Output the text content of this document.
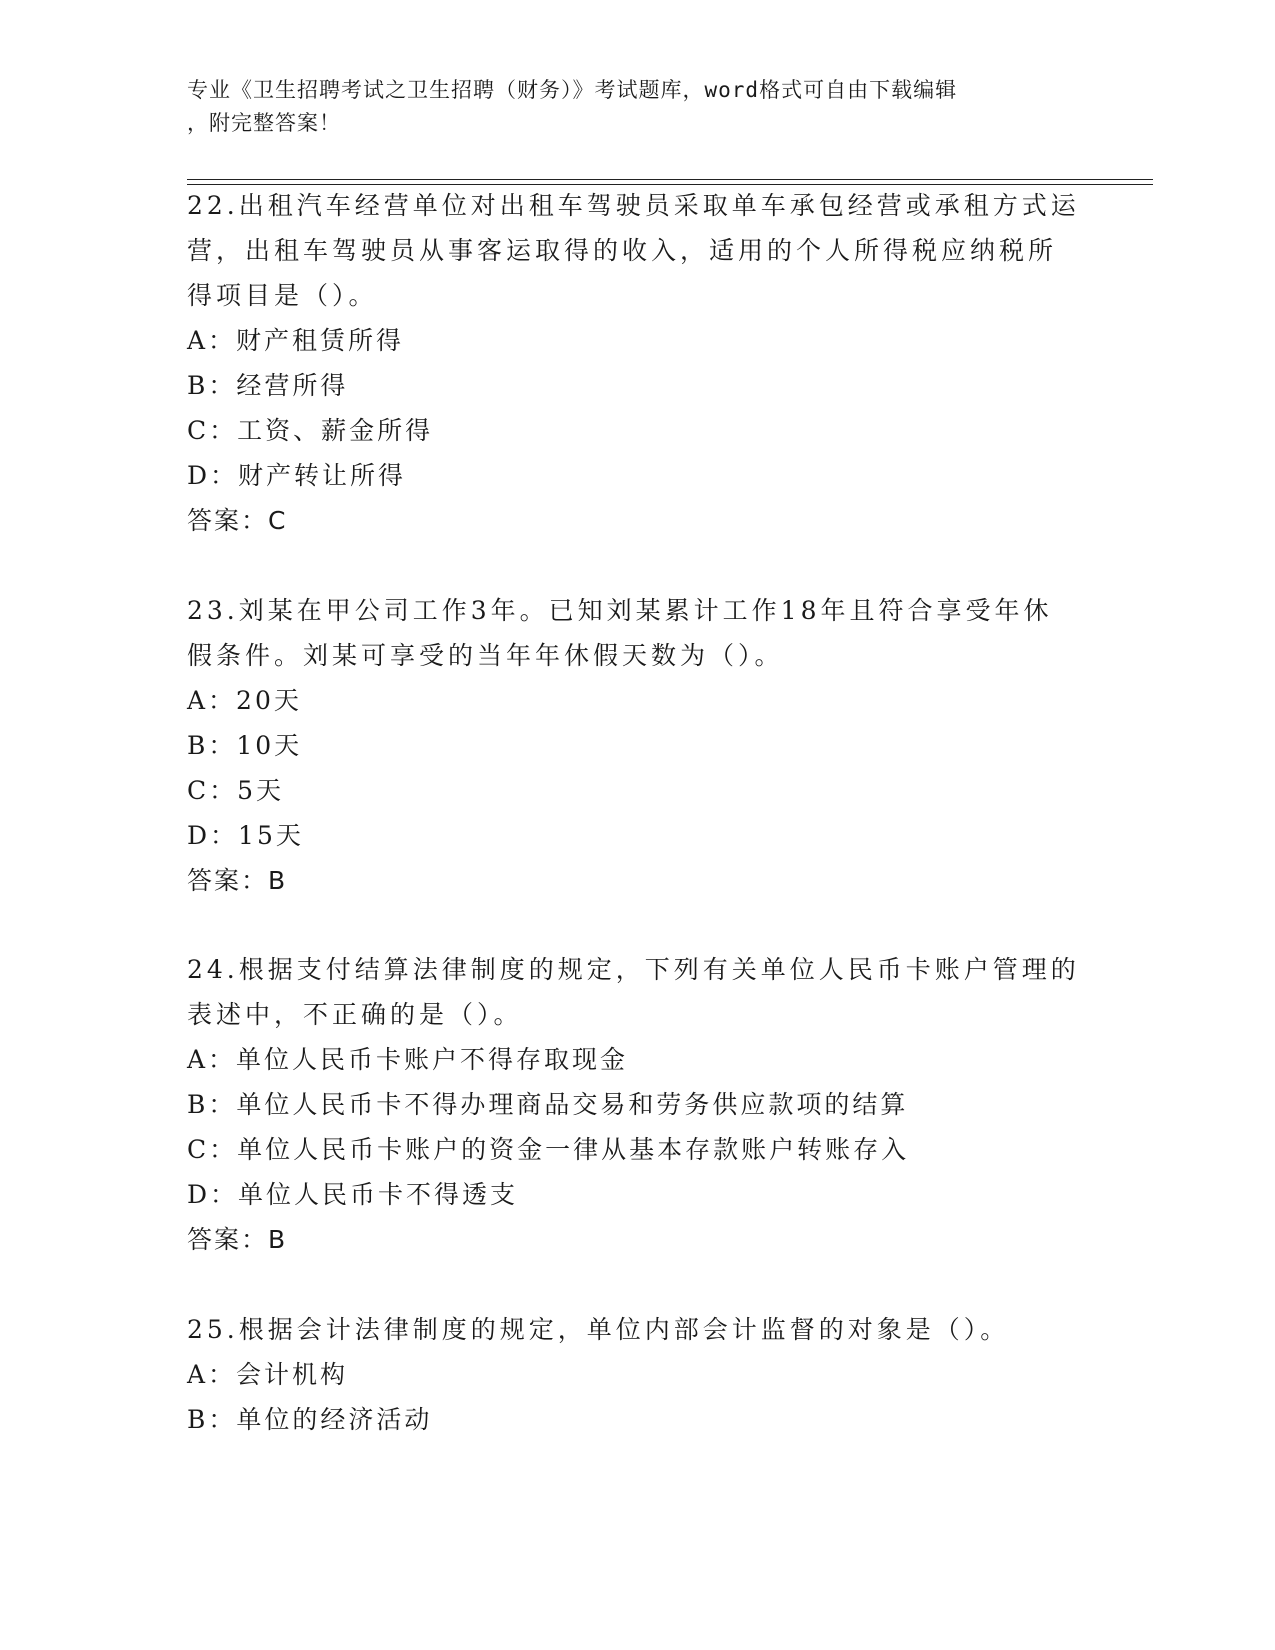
专业《卫生招聘考试之卫生招聘（财务）》考试题库，word格式可自由下载编辑
，附完整答案！
22.出租汽车经营单位对出租车驾驶员采取单车承包经营或承租方式运
营，出租车驾驶员从事客运取得的收入，适用的个人所得税应纳税所
得项目是（）。
A：财产租赁所得
B：经营所得
C：工资、薪金所得
D：财产转让所得
答案：C
23.刘某在甲公司工作3年。已知刘某累计工作18年且符合享受年休
假条件。刘某可享受的当年年休假天数为（）。
A：20天
B：10天
C：5天
D：15天
答案：B
24.根据支付结算法律制度的规定，下列有关单位人民币卡账户管理的
表述中，不正确的是（）。
A：单位人民币卡账户不得存取现金
B：单位人民币卡不得办理商品交易和劳务供应款项的结算
C：单位人民币卡账户的资金一律从基本存款账户转账存入
D：单位人民币卡不得透支
答案：B
25.根据会计法律制度的规定，单位内部会计监督的对象是（）。
A：会计机构
B：单位的经济活动
